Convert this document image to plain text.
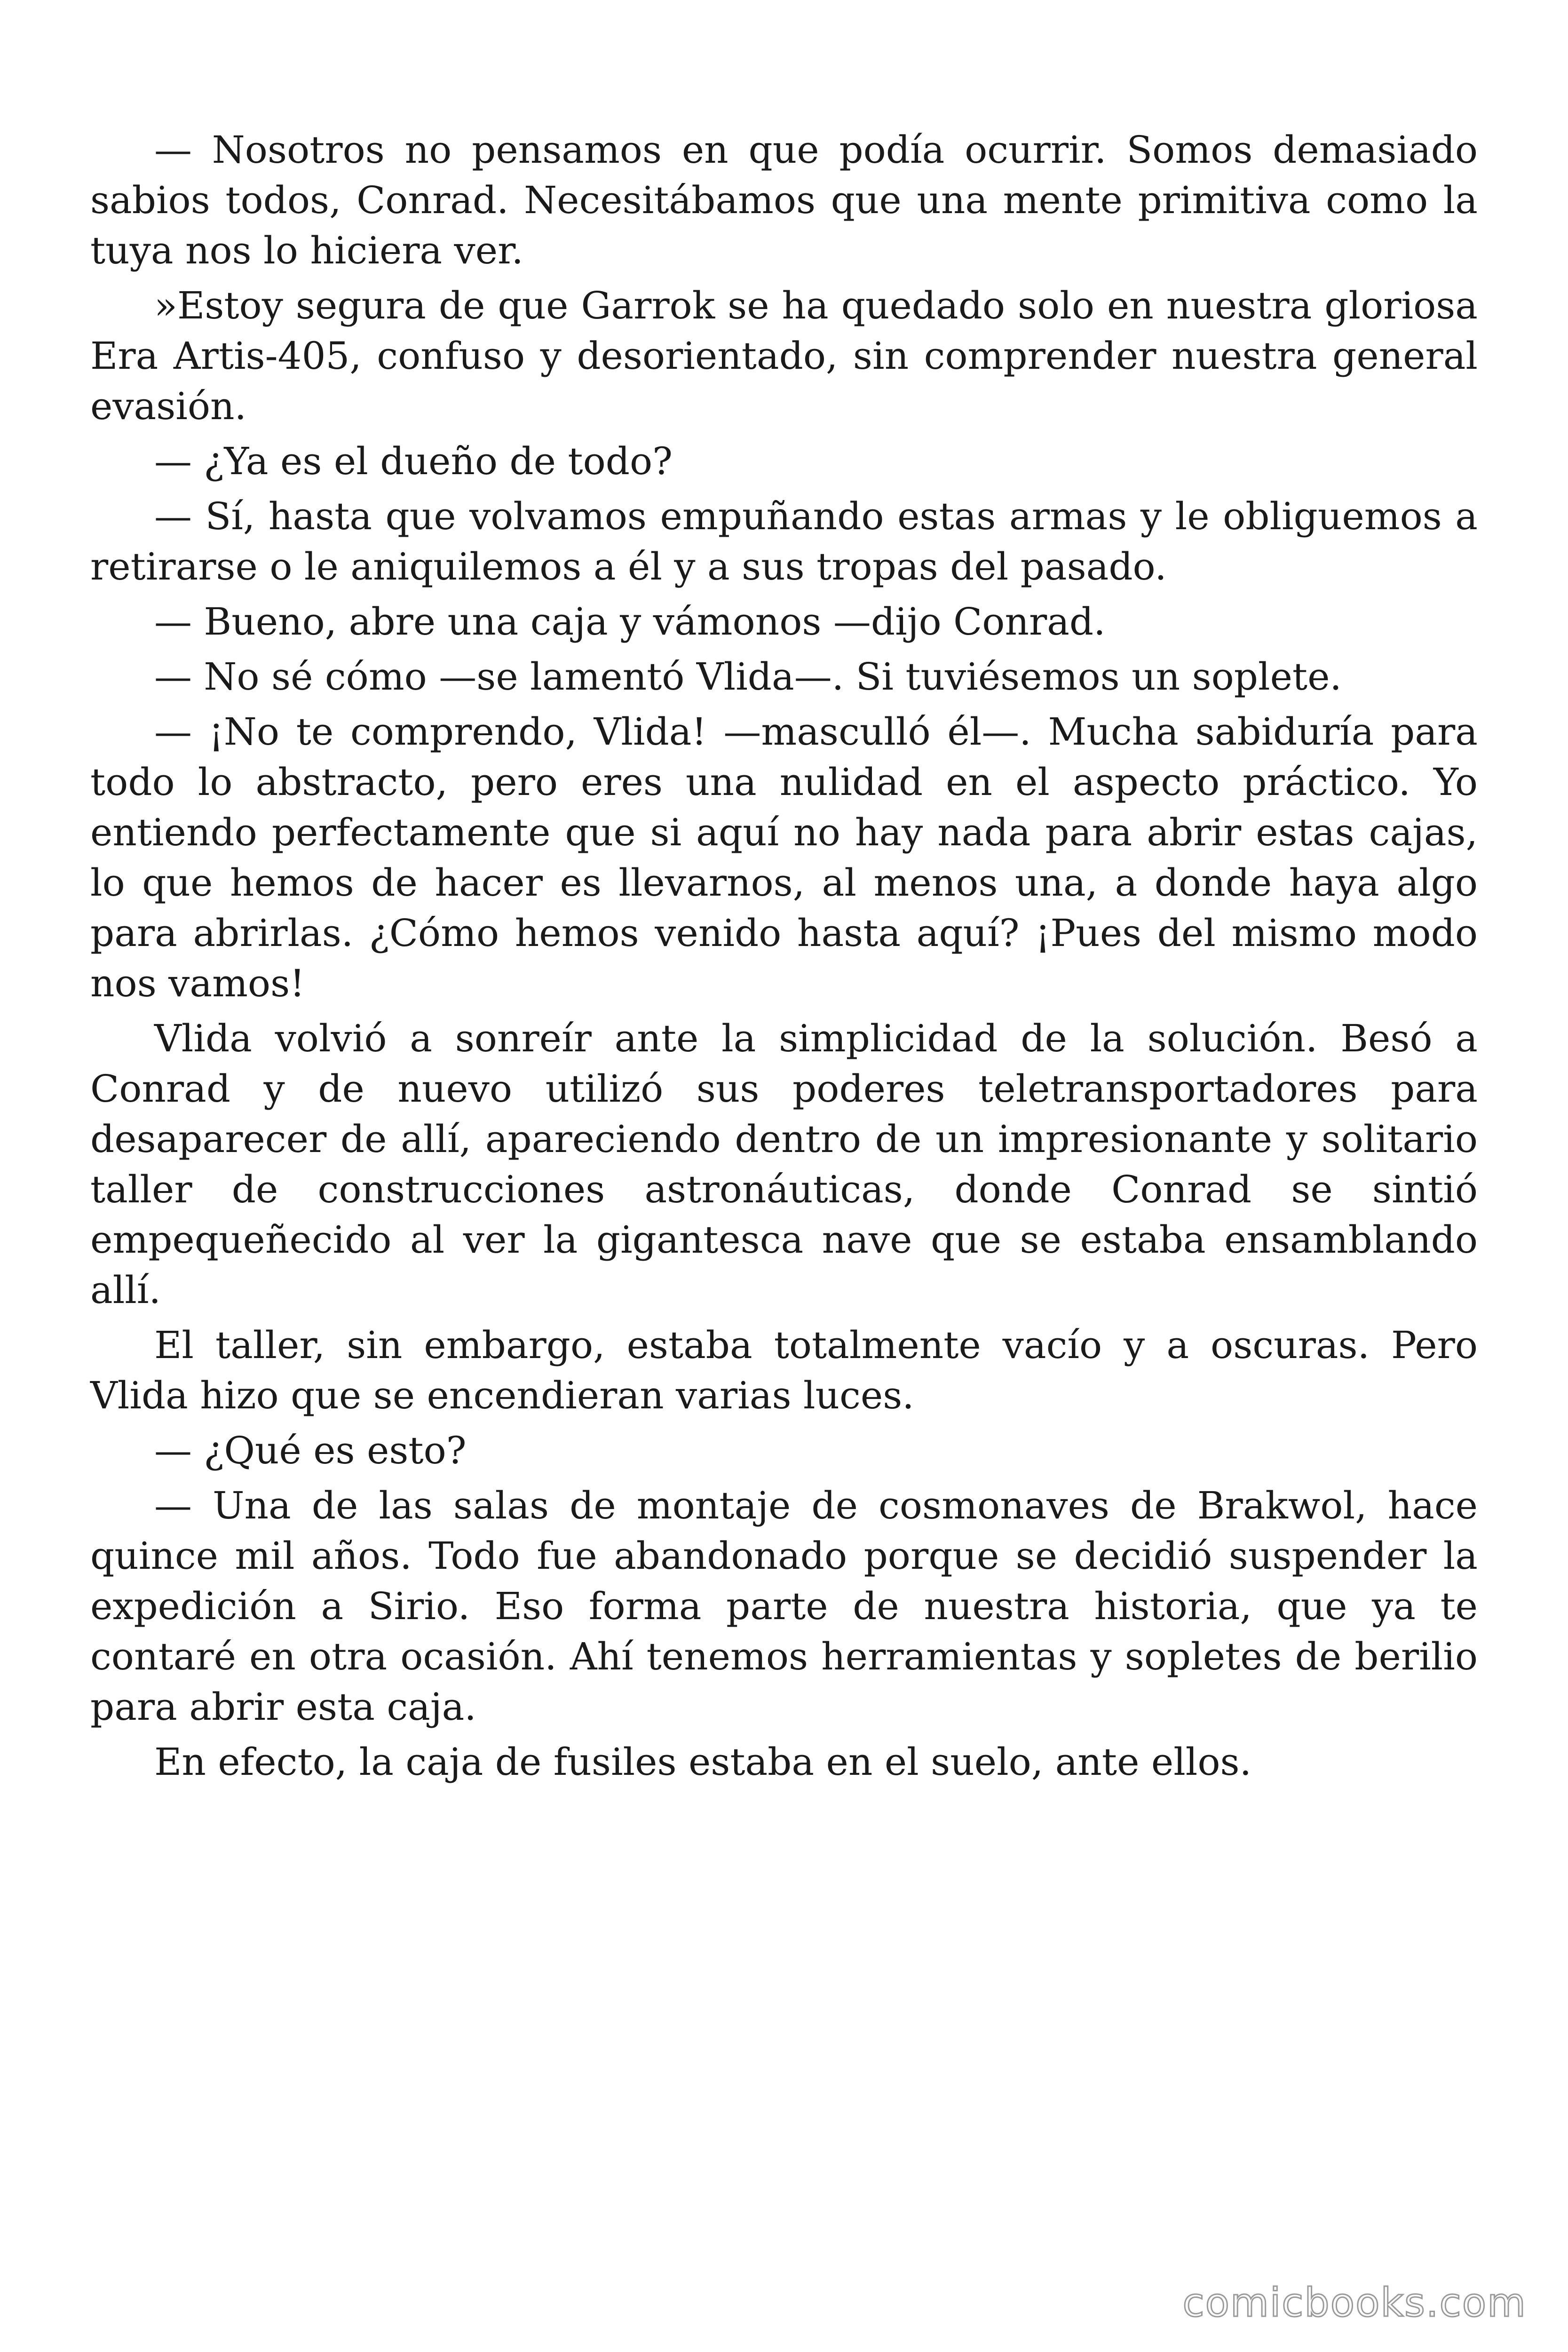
— Nosotros no pensamos en que podía ocurrir. Somos demasiado sabios todos, Conrad. Necesitábamos que una mente primitiva como la tuya nos lo hiciera ver.

»Estoy segura de que Garrok se ha quedado solo en nuestra gloriosa Era Artis-405, confuso y desorientado, sin comprender nuestra general evasión.

— ¿Ya es el dueño de todo?

— Sí, hasta que volvamos empuñando estas armas y le obliguemos a retirarse o le aniquilemos a él y a sus tropas del pasado.

— Bueno, abre una caja y vámonos —dijo Conrad.

— No sé cómo —se lamentó Vlida—. Si tuviésemos un soplete.

— ¡No te comprendo, Vlida! —masculló él—. Mucha sabiduría para todo lo abstracto, pero eres una nulidad en el aspecto práctico. Yo entiendo perfectamente que si aquí no hay nada para abrir estas cajas, lo que hemos de hacer es llevarnos, al menos una, a donde haya algo para abrirlas. ¿Cómo hemos venido hasta aquí? ¡Pues del mismo modo nos vamos!

Vlida volvió a sonreír ante la simplicidad de la solución. Besó a Conrad y de nuevo utilizó sus poderes teletransportadores para desaparecer de allí, apareciendo dentro de un impresionante y solitario taller de construcciones astronáuticas, donde Conrad se sintió empequeñecido al ver la gigantesca nave que se estaba ensamblando allí.

El taller, sin embargo, estaba totalmente vacío y a oscuras. Pero Vlida hizo que se encendieran varias luces.

— ¿Qué es esto?

— Una de las salas de montaje de cosmonaves de Brakwol, hace quince mil años. Todo fue abandonado porque se decidió suspender la expedición a Sirio. Eso forma parte de nuestra historia, que ya te contaré en otra ocasión. Ahí tenemos herramientas y sopletes de berilio para abrir esta caja.

En efecto, la caja de fusiles estaba en el suelo, ante ellos.

comicbooks.com
